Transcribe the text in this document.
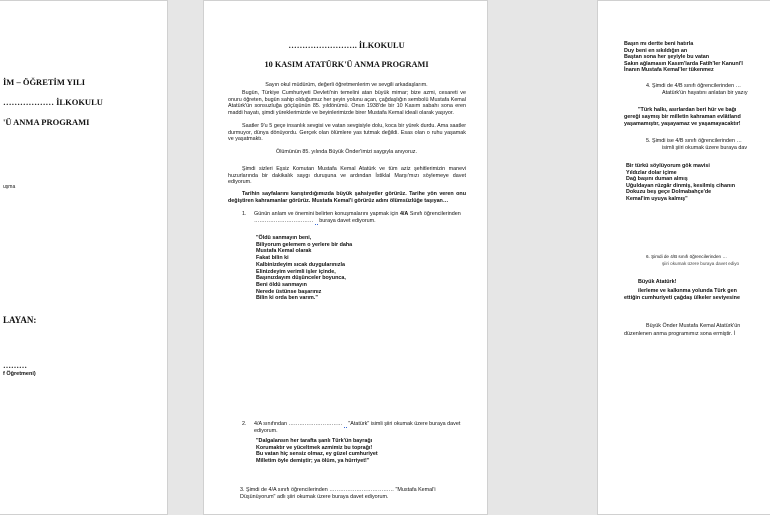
İM – ÖĞRETİM YILI
……………… İLKOKULU
'Ü ANMA PROGRAMI
uşma
LAYAN:
………
f Öğretmeni)
……………………. İLKOKULU
10 KASIM ATATÜRK'Ü ANMA PROGRAMI
Sayın okul müdürüm, değerli öğretmenlerim ve sevgili arkadaşlarım.
Bugün, Türkiye Cumhuriyeti Devleti'nin temelini atan büyük mimar; bize azmi, cesareti ve onuru öğreten, bugün sahip olduğumuz her şeyin yolunu açan, çağdaşlığın sembolü Mustafa Kemal Atatürk'ün sonsuzluğa göçüşünün 85. yıldönümü. Onun 1938'de bir 10 Kasım sabahı sona eren maddi hayatı, şimdi yüreklerimizde ve beyinlerimizde birer Mustafa Kemal ideali olarak yaşıyor.
Saatler 9'u 5 geçe insanlık sevgisi ve vatan sevgisiyle dolu, koca bir yürek durdu. Ama saatler durmuyor, dünya dönüyordu. Gerçek olan ölümlere yas tutmak değildi. Esas olan o ruhu yaşamak ve yaşatmaktı.
Ölümünün 85. yılında Büyük Önder'imizi saygıyla anıyoruz.
Şimdi sizleri Eşsiz Komutan Mustafa Kemal Atatürk ve tüm aziz şehitlerimizin manevi huzurlarında bir dakikalık saygı duruşuna ve ardından İstiklal Marşı'mızı söylemeye davet ediyorum.
Tarihin sayfalarını karıştırdığımızda büyük şahsiyetler görürüz. Tarihe yön veren onu değiştiren kahramanlar görürüz. Mustafa Kemal'i görürüz adını ölümsüzlüğe taşıyan…
1. Günün anlam ve önemini belirten konuşmalarını yapmak için 4/A Sınıfı öğrencilerinden …………………………… buraya davet ediyorum.
"Öldü sanmayın beni,
Biliyorum gelemem o yerlere bir daha
Mustafa Kemal olarak
Fakat bilin ki
Kalbinizdeyim sıcak duygularınızla
Elinizdeyim verimli işler içinde,
Başınızdayım düşünceler boyunca,
Beni öldü sanmayın
Nerede üstünse başarınız
Bilin ki orda ben varım."
2. 4/A sınıfından ………………………… "Atatürk" isimli şiiri okumak üzere buraya davet ediyorum.
"Dalgalansın her tarafta şanlı Türk'ün bayrağı
Korumaktır ve yüceltmek azmimiz bu toprağı!
Bu vatan hiç sensiz olmaz, ey güzel cumhuriyet
Milletim öyle demiştir; ya ölüm, ya hürriyet!"
3. Şimdi de 4/A sınıfı öğrencilerinden ……………………………… "Mustafa Kemal'i Düşünüyorum" adlı şiiri okumak üzere buraya davet ediyorum.
Başın mı dertte beni hatırla
Duy beni en sıkıldığın an
Baştan sona her şeyiyle bu vatan
Sakın ağlamasın Kasım'larda Fatih'ler Kanuni'l
İnanın Mustafa Kemal'ler tükenmez
4. Şimdi de 4/B sınıfı öğrencilerinden …
Atatürk'ün hayatını anlatan bir yazıy
"Türk halkı, asırlardan beri hür ve bağı
gereği saymış bir milletin kahraman evlâtlarıd
yaşamamıştır, yaşayamaz ve yaşamayacaktır!
5. Şimdi ise 4/B sınıfı öğrencilerinden …
isimli şiiri okumak üzere buraya dav
Bir türkü söylüyorum gök mavisi
Yıldızlar dolar içime
Dağ başını duman almış
Uğuldayan rüzgâr dinmiş, kesilmiş cihanın
Dokuzu beş geçe Dolmabahçe'de
Kemal'im uyuya kalmış"
6. Şimdi de 4/B sınıfı öğrencilerinden …
şiiri okumak üzere buraya davet ediyo
Büyük Atatürk!
ilerleme ve kalkınma yolunda Türk gen
ettiğin cumhuriyeti çağdaş ülkeler seviyesine
Büyük Önder Mustafa Kemal Atatürk'ün
düzenlenen anma programımız sona ermiştir. İ
